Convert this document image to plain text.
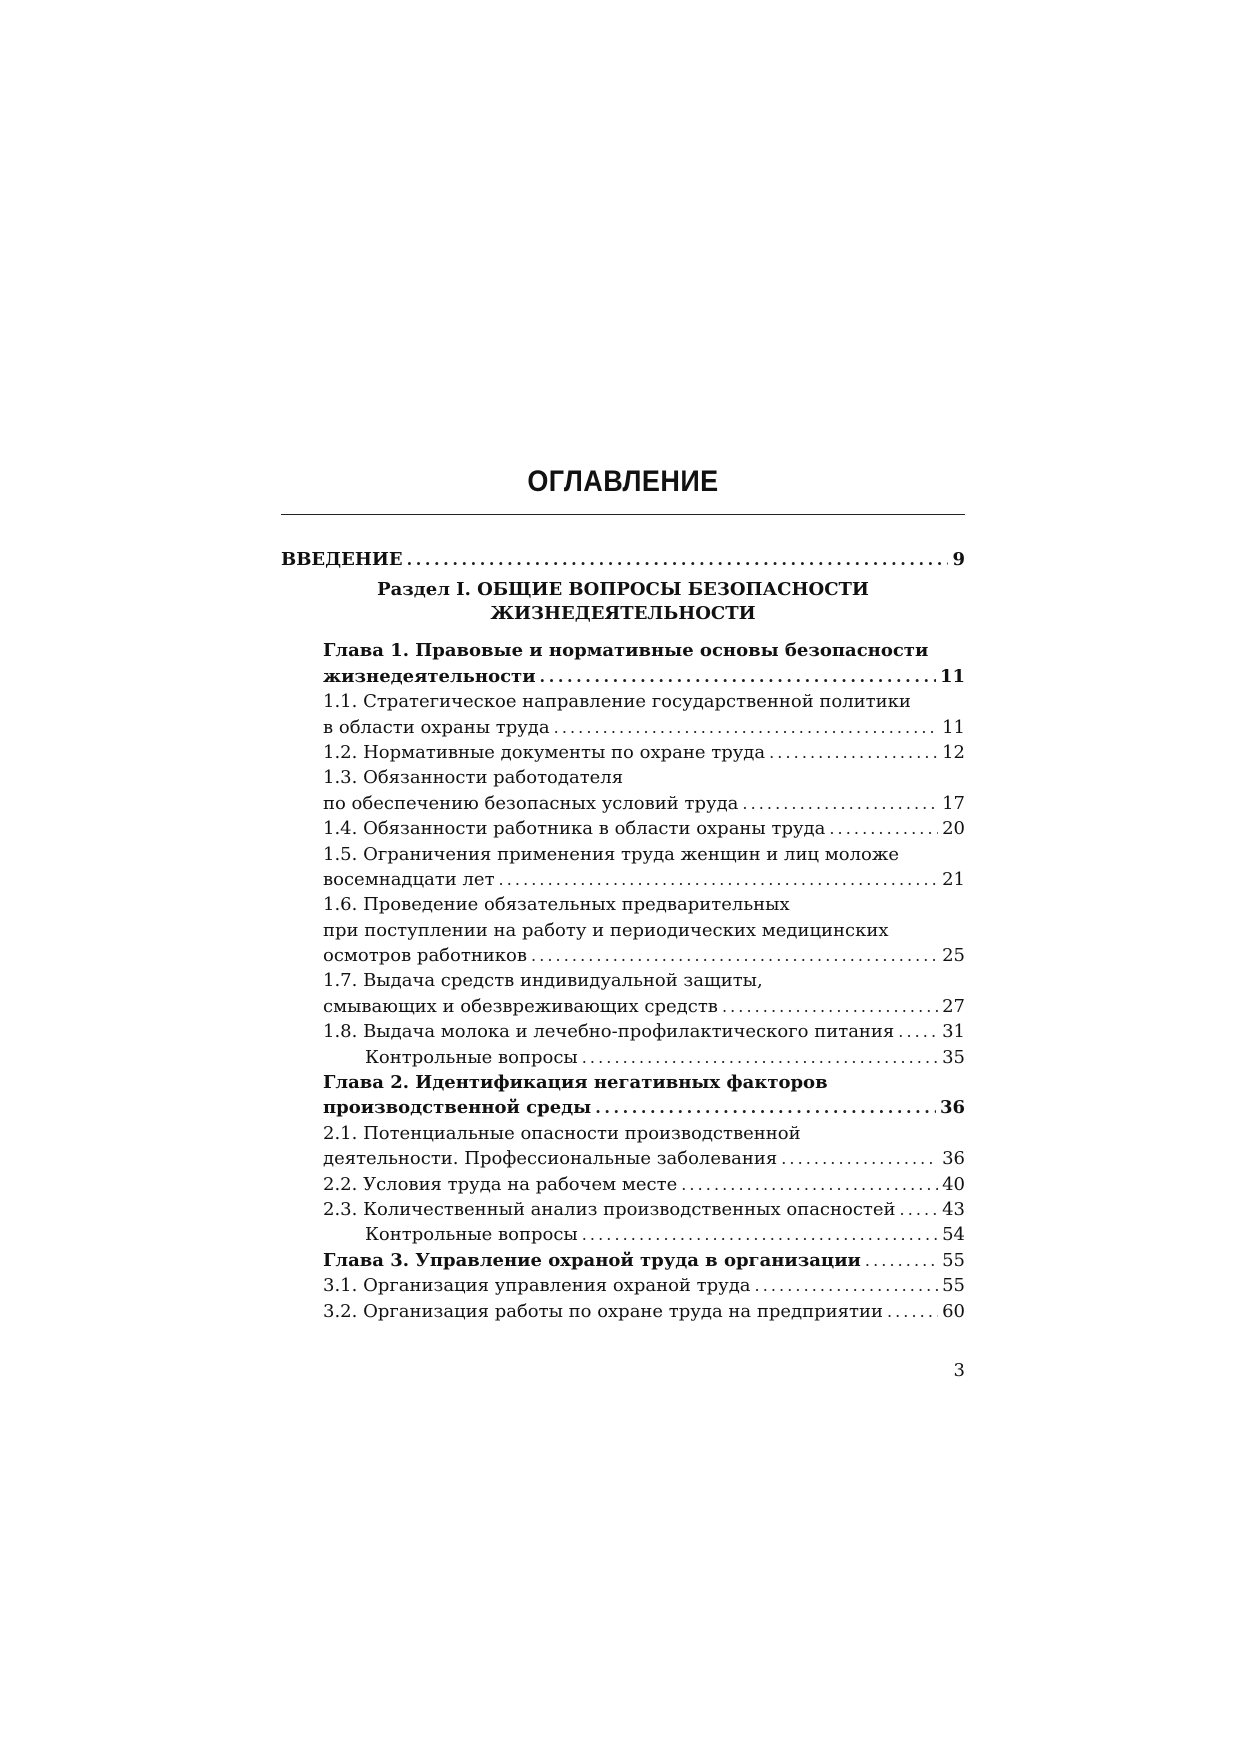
ОГЛАВЛЕНИЕ
ВВЕДЕНИЕ . . .	9
Раздел I. ОБЩИЕ ВОПРОСЫ БЕЗОПАСНОСТИ
ЖИЗНЕДЕЯТЕЛЬНОСТИ
Глава 1. Правовые и нормативные основы безопасности
жизнедеятельности . . .	11
1.1. Стратегическое направление государственной политики
в области охраны труда . . .	11
1.2. Нормативные документы по охране труда . . .	12
1.3. Обязанности работодателя
по обеспечению безопасных условий труда . . .	17
1.4. Обязанности работника в области охраны труда . . .	20
1.5. Ограничения применения труда женщин и лиц моложе
восемнадцати лет . . .	21
1.6. Проведение обязательных предварительных
при поступлении на работу и периодических медицинских
осмотров работников . . .	25
1.7. Выдача средств индивидуальной защиты,
смывающих и обезвреживающих средств . . .	27
1.8. Выдача молока и лечебно-профилактического питания . . .	31
Контрольные вопросы . . .	35
Глава 2. Идентификация негативных факторов
производственной среды . . .	36
2.1. Потенциальные опасности производственной
деятельности. Профессиональные заболевания . . .	36
2.2. Условия труда на рабочем месте . . .	40
2.3. Количественный анализ производственных опасностей . . .	43
Контрольные вопросы . . .	54
Глава 3. Управление охраной труда в организации . . .	55
3.1. Организация управления охраной труда . . .	55
3.2. Организация работы по охране труда на предприятии . . .	60
3
